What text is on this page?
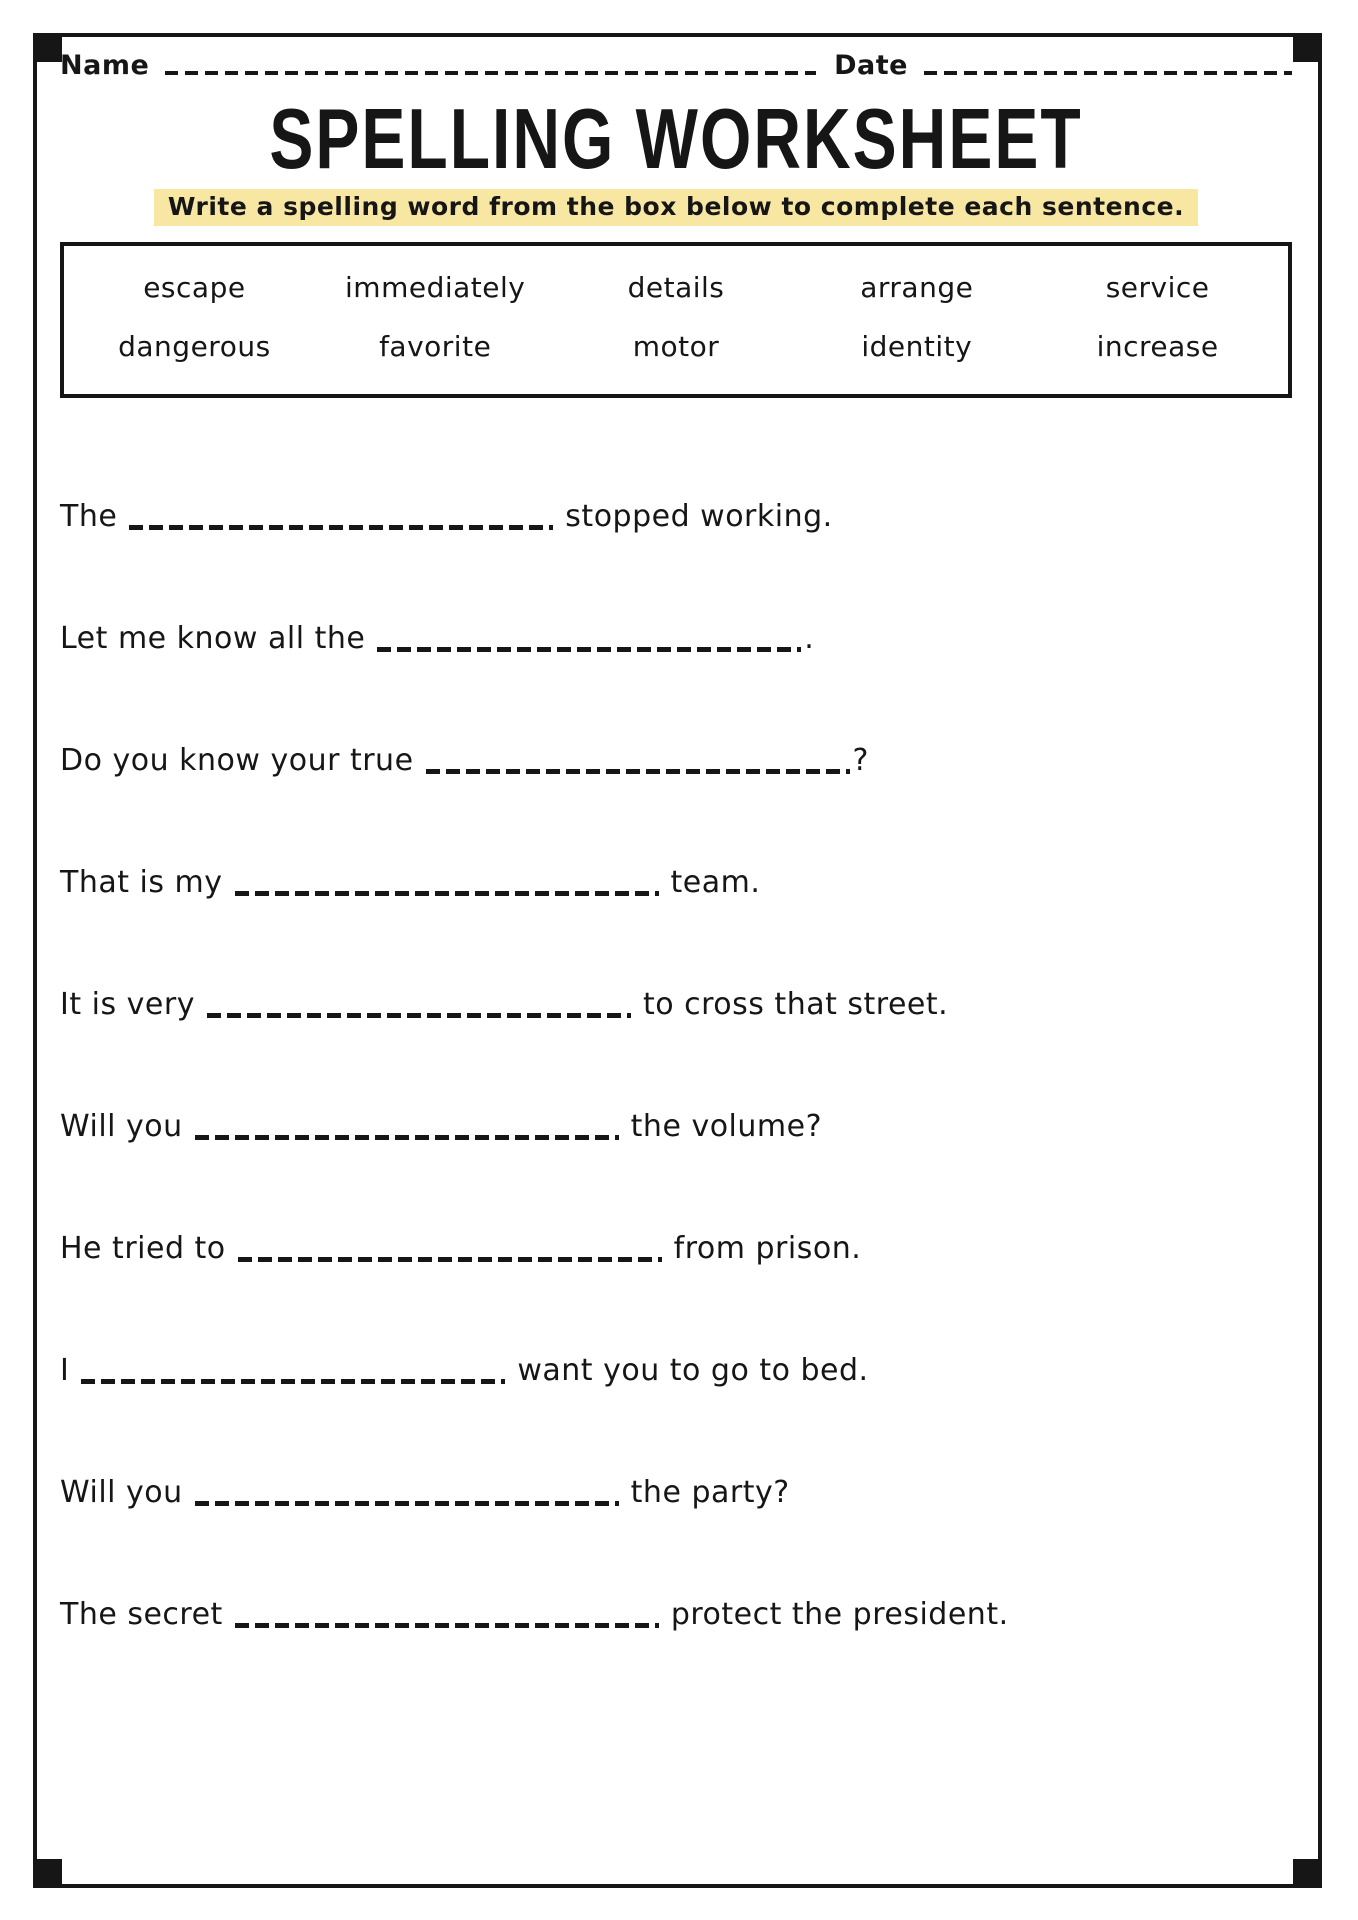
Name	Date
SPELLING WORKSHEET
Write a spelling word from the box below to complete each sentence.
escape	immediately	details	arrange	service
dangerous	favorite	motor	identity	increase
The	stopped working.
Let me know all the	.
Do you know your true	?
That is my	team.
It is very	to cross that street.
Will you	the volume?
He tried to	from prison.
I	want you to go to bed.
Will you	the party?
The secret	protect the president.
